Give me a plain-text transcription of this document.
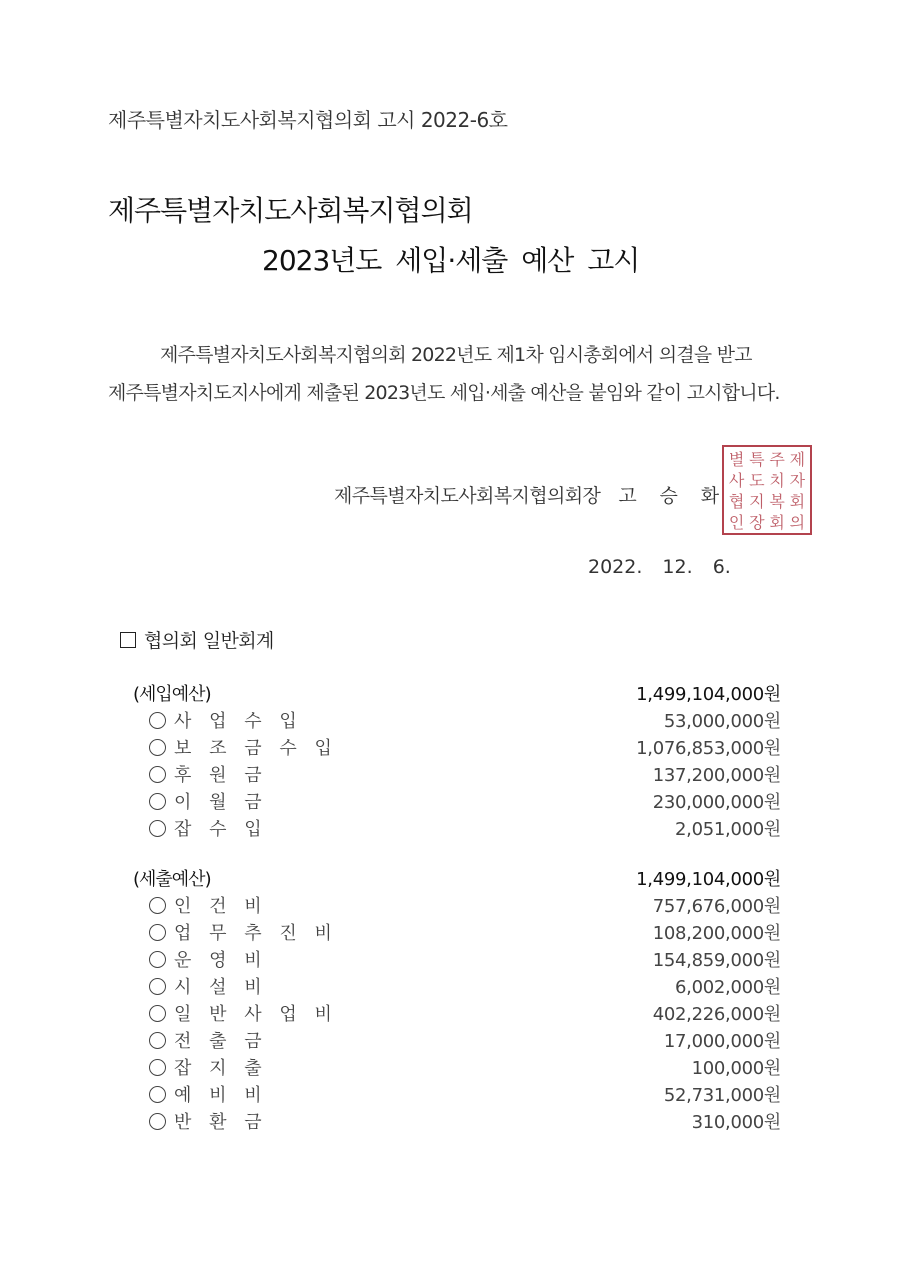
제주특별자치도사회복지협의회 고시 2022-6호
제주특별자치도사회복지협의회
2023년도 세입·세출 예산 고시
제주특별자치도사회복지협의회 2022년도 제1차 임시총회에서 의결을 받고
제주특별자치도지사에게 제출된 2023년도 세입·세출 예산을 붙임와 같이 고시합니다.
제주특별자치도사회복지협의회장 고 승 화
별 특 주 제
사 도 치 자
협 지 복 회
인 장 회 의
2022. 12. 6.
협의회 일반회계
(세입예산)	1,499,104,000원
사 업 수 입	53,000,000원
보 조 금 수 입	1,076,853,000원
후 원 금	137,200,000원
이 월 금	230,000,000원
잡 수 입	2,051,000원
(세출예산)	1,499,104,000원
인 건 비	757,676,000원
업 무 추 진 비	108,200,000원
운 영 비	154,859,000원
시 설 비	6,002,000원
일 반 사 업 비	402,226,000원
전 출 금	17,000,000원
잡 지 출	100,000원
예 비 비	52,731,000원
반 환 금	310,000원
